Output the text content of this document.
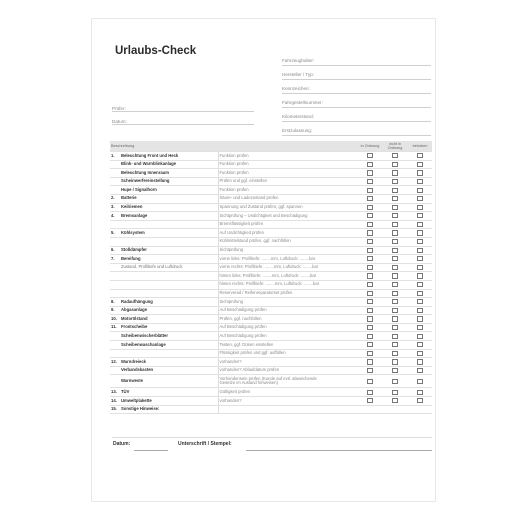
Urlaubs-Check
Fahrzeughalter:
Hersteller / Typ:
Kennzeichen:
Fahrgestellnummer:
Kilometerstand:
Erstzulassung:
Prüfer:
Datum:
Beschreibung			in Ordnung	nicht in Ordnung	behoben
1.	Beleuchtung Front und Heck	Funktion prüfen			
	Blink- und Warnblinkanlage	Funktion prüfen			
	Beleuchtung Innenraum	Funktion prüfen			
	Scheinwerfereinstellung	Prüfen und ggf. einstellen			
	Hupe / Signalhorn	Funktion prüfen			
2.	Batterie	Säure- und Ladezustand prüfen			
3.	Keilriemen	Spannung und Zustand prüfen, ggf. spannen			
4.	Bremsanlage	Sichtprüfung – Undichtigkeit und Beschädigung			
		Bremsflüssigkeit prüfen			
5.	Kühlsystem	Auf Undichtigkeit prüfen			
		Kühlmittelstand prüfen, ggf. nachfüllen			
6.	Stoßdämpfer	Sichtprüfung			
7.	Bereifung	vorne links: Profiltiefe: ........mm, Luftdruck: ........bar			
	Zustand, Profiltiefe und Luftdruck	vorne rechts: Profiltiefe: ........mm, Luftdruck: ........bar			
		hinten links: Profiltiefe: ........mm, Luftdruck: ........bar			
		hinten rechts: Profiltiefe: ........mm, Luftdruck: ........bar			
		Reserverad / Reifenreparaturset prüfen			
8.	Radaufhängung	Sichtprüfung			
9.	Abgasanlage	Auf Beschädigung prüfen			
10.	Motorölstand	Prüfen, ggf. nachfüllen			
11.	Frontscheibe	Auf Beschädigung prüfen			
	Scheibenwischerblätter	Auf Beschädigung prüfen			
	Scheibenwaschanlage	Testen, ggf. Düsen einstellen			
		Flüssigkeit prüfen und ggf. auffüllen			
12.	Warndreieck	vorhanden?			
	Verbandskasten	vorhanden? Ablaufdatum prüfen			
	Warnweste	Vorhandensein prüfen (Kunde auf evtl. abweichende
Gesetze im Ausland hinweisen)			

13.	TÜV	Gültigkeit prüfen			
14.	Umweltplakette	vorhanden?			
15.	Sonstige Hinweise:				
Datum:	Unterschrift / Stempel:
